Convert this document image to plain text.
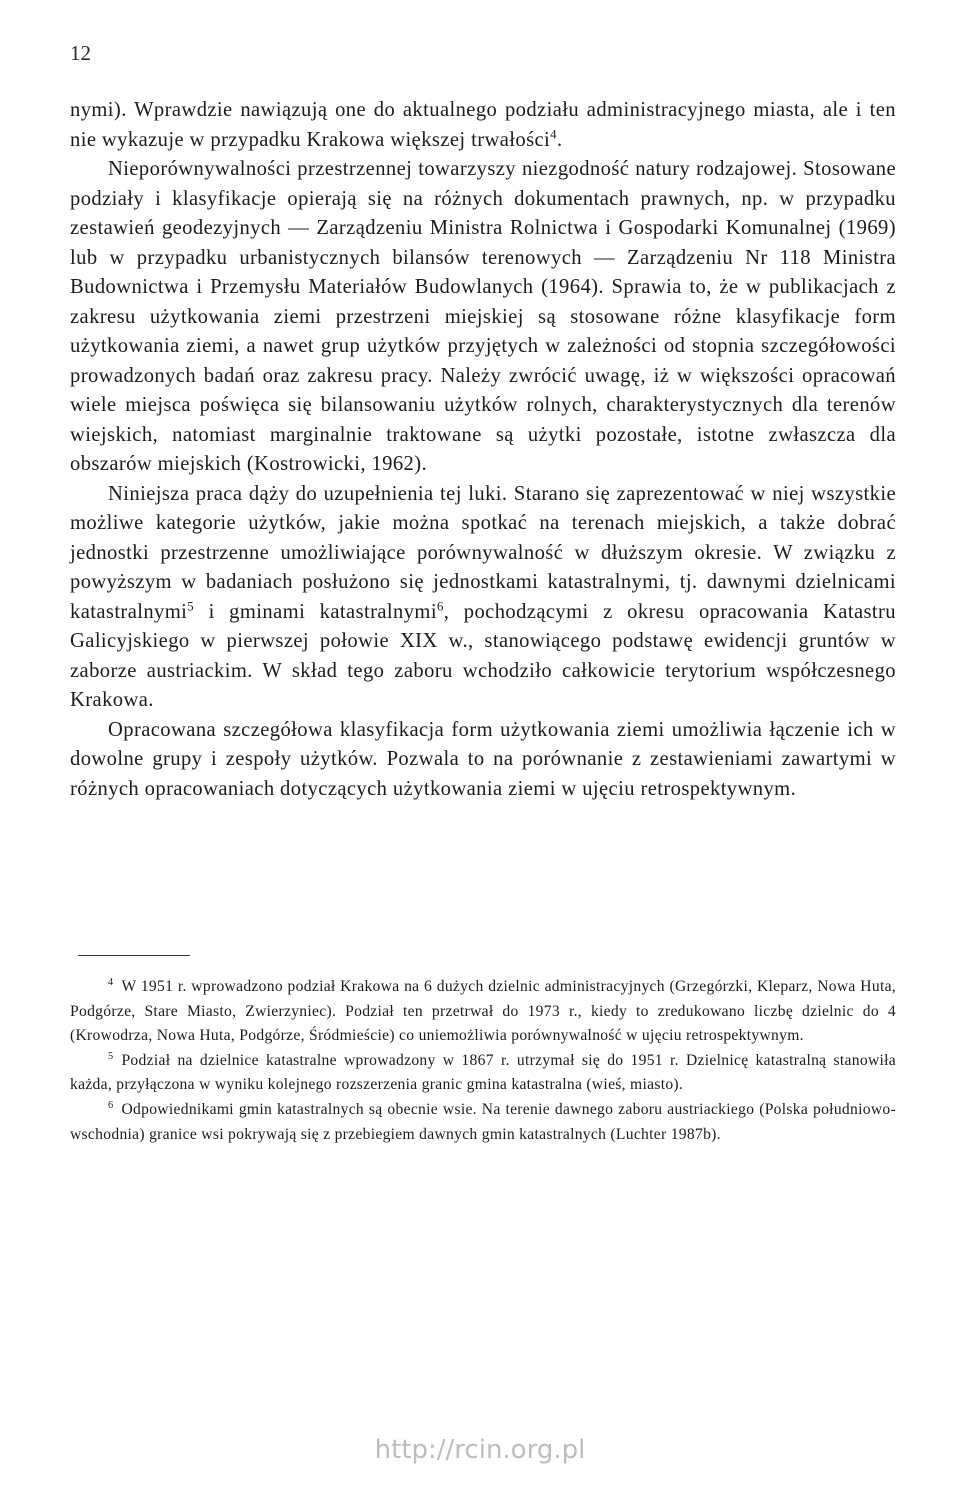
12

nymi). Wprawdzie nawiązują one do aktualnego podziału administracyjnego miasta, ale i ten nie wykazuje w przypadku Krakowa większej trwałości$^4$.

Nieporównywalności przestrzennej towarzyszy niezgodność natury rodzajowej. Stosowane podziały i klasyfikacje opierają się na różnych dokumentach prawnych, np. w przypadku zestawień geodezyjnych — Zarządzeniu Ministra Rolnictwa i Gospodarki Komunalnej (1969) lub w przypadku urbanistycznych bilansów terenowych — Zarządzeniu Nr 118 Ministra Budownictwa i Przemysłu Materiałów Budowlanych (1964). Sprawia to, że w publikacjach z zakresu użytkowania ziemi przestrzeni miejskiej są stosowane różne klasyfikacje form użytkowania ziemi, a nawet grup użytków przyjętych w zależności od stopnia szczegółowości prowadzonych badań oraz zakresu pracy. Należy zwrócić uwagę, iż w większości opracowań wiele miejsca poświęca się bilansowaniu użytków rolnych, charakterystycznych dla terenów wiejskich, natomiast marginalnie traktowane są użytki pozostałe, istotne zwłaszcza dla obszarów miejskich (Kostrowicki, 1962).

Niniejsza praca dąży do uzupełnienia tej luki. Starano się zaprezentować w niej wszystkie możliwe kategorie użytków, jakie można spotkać na terenach miejskich, a także dobrać jednostki przestrzenne umożliwiające porównywalność w dłuższym okresie. W związku z powyższym w badaniach posłużono się jednostkami katastralnymi, tj. dawnymi dzielnicami katastralnymi$^5$ i gminami katastralnymi$^6$, pochodzącymi z okresu opracowania Katastru Galicyjskiego w pierwszej połowie XIX w., stanowiącego podstawę ewidencji gruntów w zaborze austriackim. W skład tego zaboru wchodziło całkowicie terytorium współczesnego Krakowa.

Opracowana szczegółowa klasyfikacja form użytkowania ziemi umożliwia łączenie ich w dowolne grupy i zespoły użytków. Pozwala to na porównanie z zestawieniami zawartymi w różnych opracowaniach dotyczących użytkowania ziemi w ujęciu retrospektywnym.

$^4$ W 1951 r. wprowadzono podział Krakowa na 6 dużych dzielnic administracyjnych (Grzegórzki, Kleparz, Nowa Huta, Podgórze, Stare Miasto, Zwierzyniec). Podział ten przetrwał do 1973 r., kiedy to zredukowano liczbę dzielnic do 4 (Krowodrza, Nowa Huta, Podgórze, Śródmieście) co uniemożliwia porównywalność w ujęciu retrospektywnym.

$^5$ Podział na dzielnice katastralne wprowadzony w 1867 r. utrzymał się do 1951 r. Dzielnicę katastralną stanowiła każda, przyłączona w wyniku kolejnego rozszerzenia granic gmina katastralna (wieś, miasto).

$^6$ Odpowiednikami gmin katastralnych są obecnie wsie. Na terenie dawnego zaboru austriackiego (Polska południowo-wschodnia) granice wsi pokrywają się z przebiegiem dawnych gmin katastralnych (Luchter 1987b).

http://rcin.org.pl
